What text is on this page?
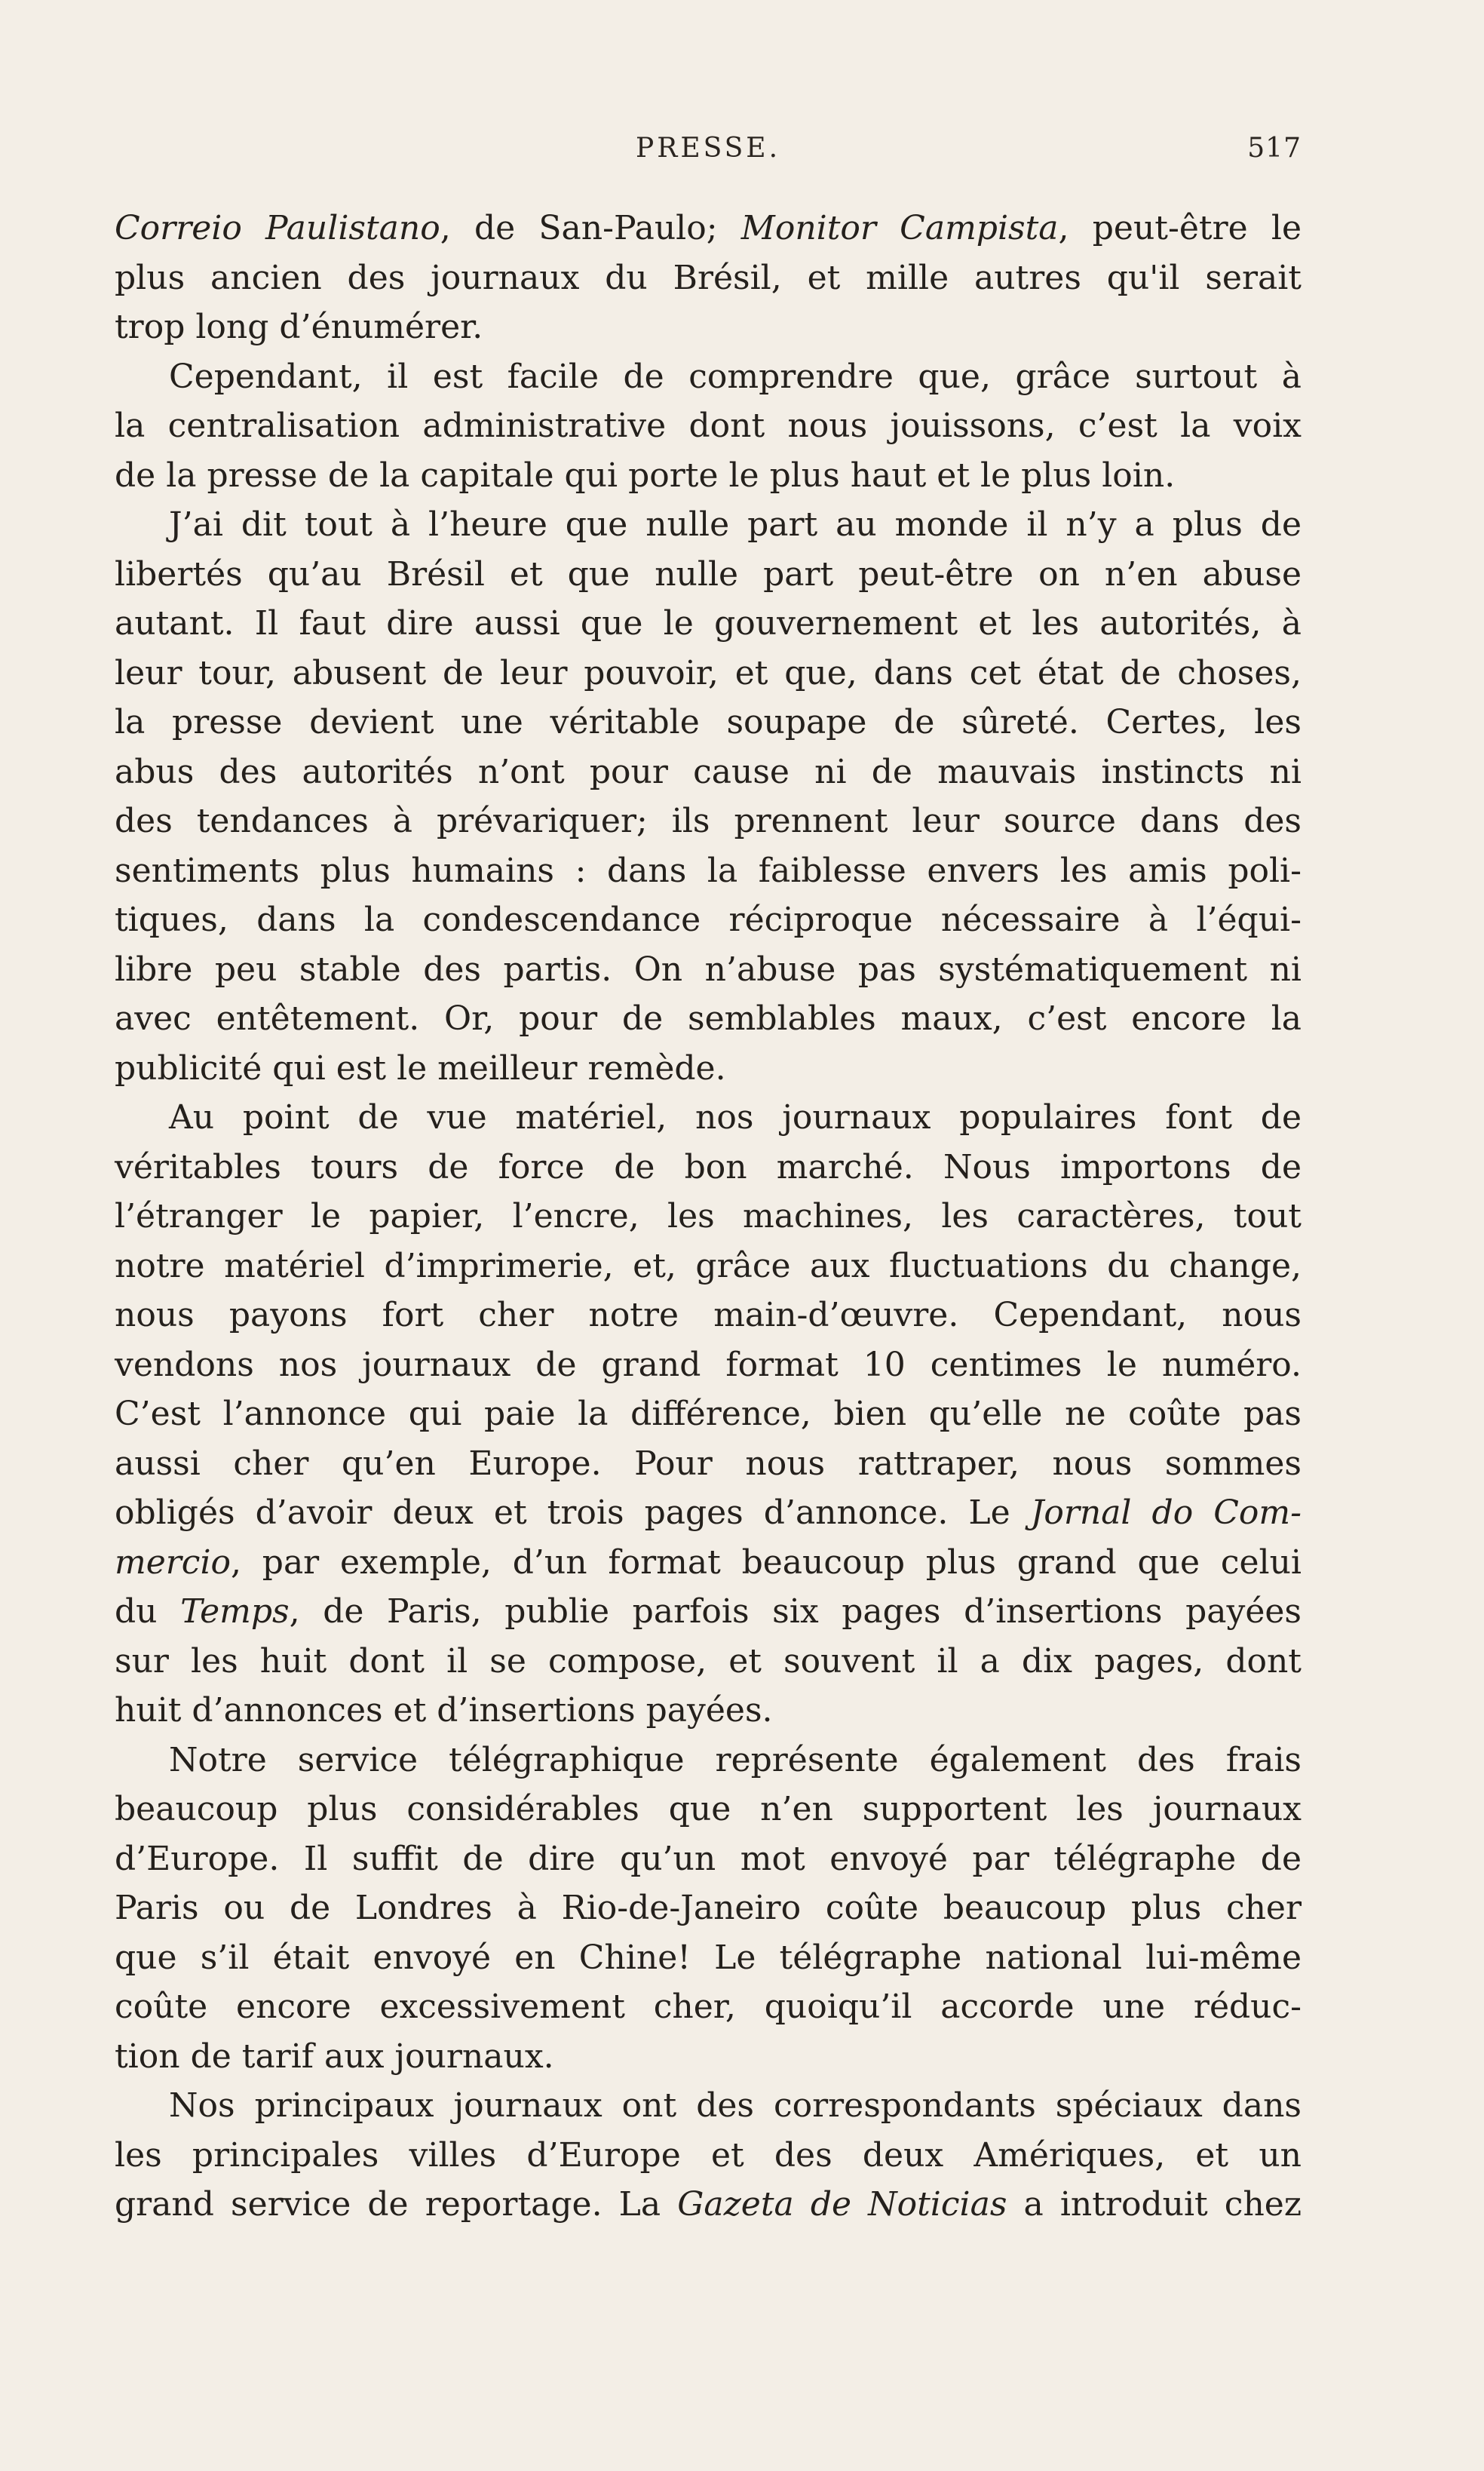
PRESSE.	517
Correio Paulistano, de San-Paulo; Monitor Campista, peut-être le
plus ancien des journaux du Brésil, et mille autres qu'il serait
trop long d’énumérer.
Cependant, il est facile de comprendre que, grâce surtout à
la centralisation administrative dont nous jouissons, c’est la voix
de la presse de la capitale qui porte le plus haut et le plus loin.
J’ai dit tout à l’heure que nulle part au monde il n’y a plus de
libertés qu’au Brésil et que nulle part peut-être on n’en abuse
autant. Il faut dire aussi que le gouvernement et les autorités, à
leur tour, abusent de leur pouvoir, et que, dans cet état de choses,
la presse devient une véritable soupape de sûreté. Certes, les
abus des autorités n’ont pour cause ni de mauvais instincts ni
des tendances à prévariquer; ils prennent leur source dans des
sentiments plus humains : dans la faiblesse envers les amis poli-
tiques, dans la condescendance réciproque nécessaire à l’équi-
libre peu stable des partis. On n’abuse pas systématiquement ni
avec entêtement. Or, pour de semblables maux, c’est encore la
publicité qui est le meilleur remède.
Au point de vue matériel, nos journaux populaires font de
véritables tours de force de bon marché. Nous importons de
l’étranger le papier, l’encre, les machines, les caractères, tout
notre matériel d’imprimerie, et, grâce aux fluctuations du change,
nous payons fort cher notre main-d’œuvre. Cependant, nous
vendons nos journaux de grand format 10 centimes le numéro.
C’est l’annonce qui paie la différence, bien qu’elle ne coûte pas
aussi cher qu’en Europe. Pour nous rattraper, nous sommes
obligés d’avoir deux et trois pages d’annonce. Le Jornal do Com-
mercio, par exemple, d’un format beaucoup plus grand que celui
du Temps, de Paris, publie parfois six pages d’insertions payées
sur les huit dont il se compose, et souvent il a dix pages, dont
huit d’annonces et d’insertions payées.
Notre service télégraphique représente également des frais
beaucoup plus considérables que n’en supportent les journaux
d’Europe. Il suffit de dire qu’un mot envoyé par télégraphe de
Paris ou de Londres à Rio-de-Janeiro coûte beaucoup plus cher
que s’il était envoyé en Chine! Le télégraphe national lui-même
coûte encore excessivement cher, quoiqu’il accorde une réduc-
tion de tarif aux journaux.
Nos principaux journaux ont des correspondants spéciaux dans
les principales villes d’Europe et des deux Amériques, et un
grand service de reportage. La Gazeta de Noticias a introduit chez
